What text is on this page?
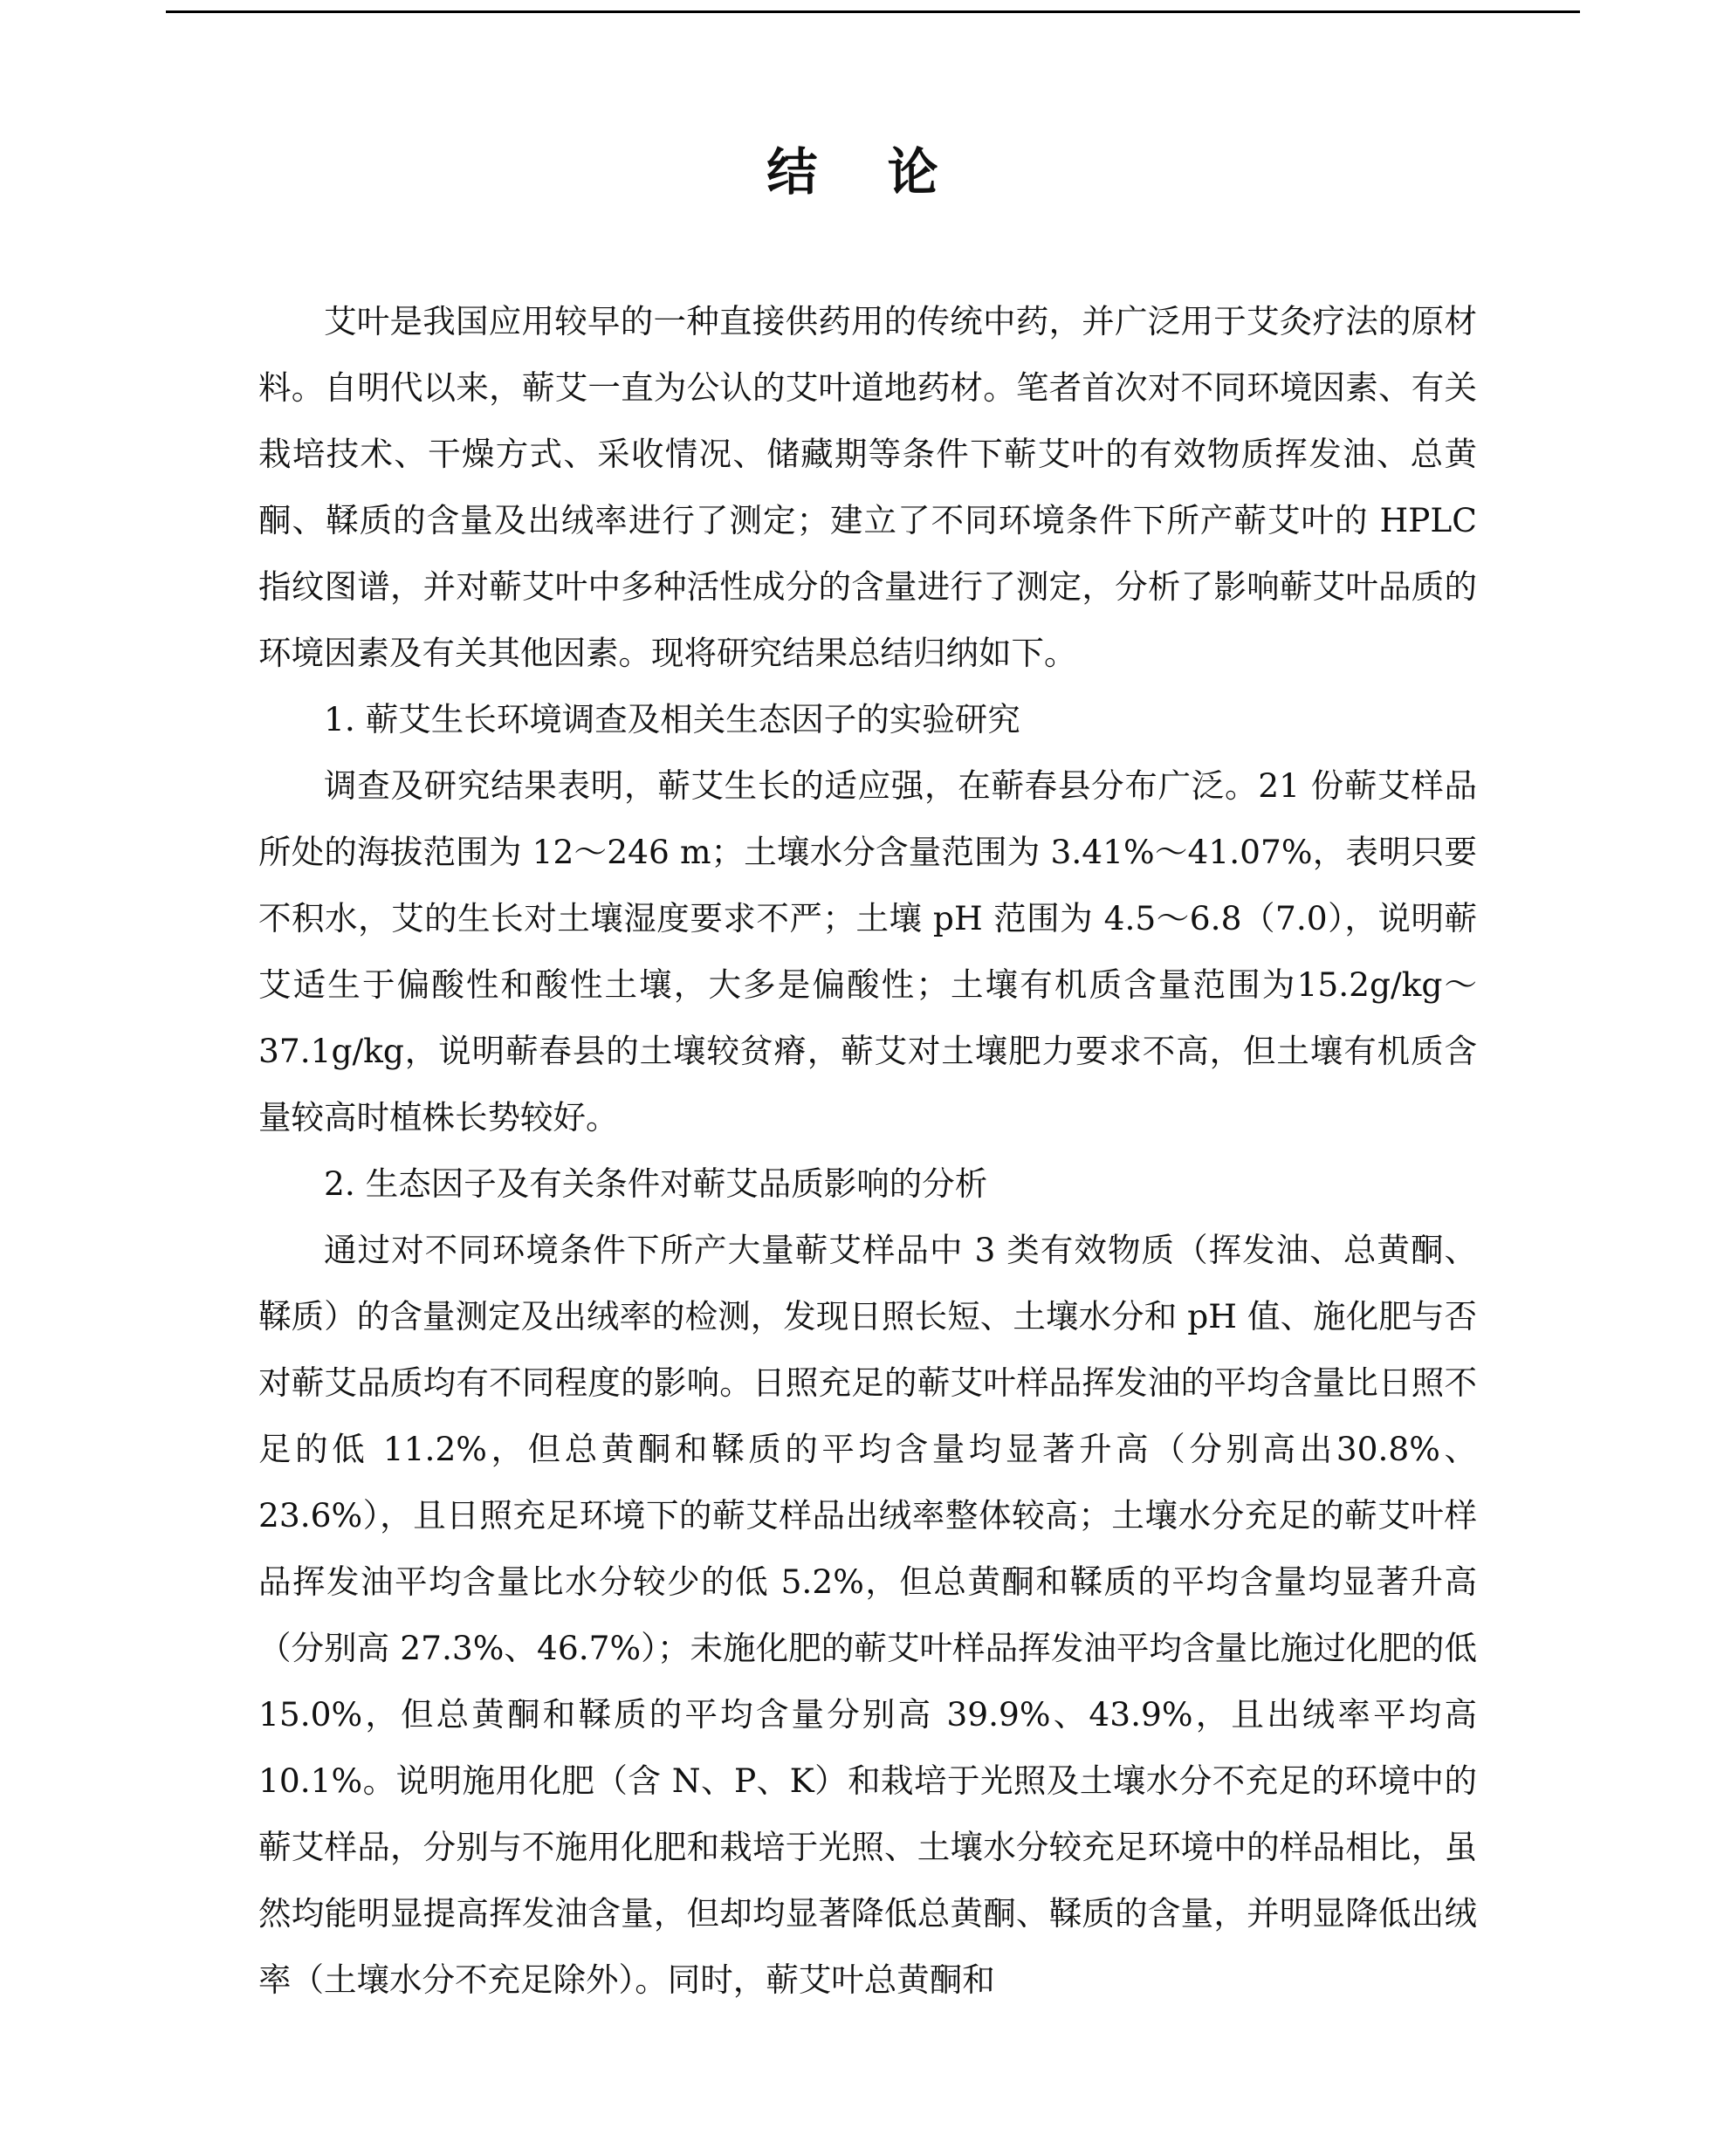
结 论

艾叶是我国应用较早的一种直接供药用的传统中药，并广泛用于艾灸疗法的原材料。自明代以来，蕲艾一直为公认的艾叶道地药材。笔者首次对不同环境因素、有关栽培技术、干燥方式、采收情况、储藏期等条件下蕲艾叶的有效物质挥发油、总黄酮、鞣质的含量及出绒率进行了测定；建立了不同环境条件下所产蕲艾叶的 HPLC 指纹图谱，并对蕲艾叶中多种活性成分的含量进行了测定，分析了影响蕲艾叶品质的环境因素及有关其他因素。现将研究结果总结归纳如下。

1. 蕲艾生长环境调查及相关生态因子的实验研究

调查及研究结果表明，蕲艾生长的适应强，在蕲春县分布广泛。21 份蕲艾样品所处的海拔范围为 12～246 m；土壤水分含量范围为 3.41%～41.07%，表明只要不积水，艾的生长对土壤湿度要求不严；土壤 pH 范围为 4.5～6.8（7.0），说明蕲艾适生于偏酸性和酸性土壤，大多是偏酸性；土壤有机质含量范围为15.2g/kg～37.1g/kg，说明蕲春县的土壤较贫瘠，蕲艾对土壤肥力要求不高，但土壤有机质含量较高时植株长势较好。

2. 生态因子及有关条件对蕲艾品质影响的分析

通过对不同环境条件下所产大量蕲艾样品中 3 类有效物质（挥发油、总黄酮、鞣质）的含量测定及出绒率的检测，发现日照长短、土壤水分和 pH 值、施化肥与否对蕲艾品质均有不同程度的影响。日照充足的蕲艾叶样品挥发油的平均含量比日照不足的低 11.2%，但总黄酮和鞣质的平均含量均显著升高（分别高出30.8%、23.6%），且日照充足环境下的蕲艾样品出绒率整体较高；土壤水分充足的蕲艾叶样品挥发油平均含量比水分较少的低 5.2%，但总黄酮和鞣质的平均含量均显著升高（分别高 27.3%、46.7%）；未施化肥的蕲艾叶样品挥发油平均含量比施过化肥的低 15.0%，但总黄酮和鞣质的平均含量分别高 39.9%、43.9%，且出绒率平均高 10.1%。说明施用化肥（含 N、P、K）和栽培于光照及土壤水分不充足的环境中的蕲艾样品，分别与不施用化肥和栽培于光照、土壤水分较充足环境中的样品相比，虽然均能明显提高挥发油含量，但却均显著降低总黄酮、鞣质的含量，并明显降低出绒率（土壤水分不充足除外）。同时，蕲艾叶总黄酮和
